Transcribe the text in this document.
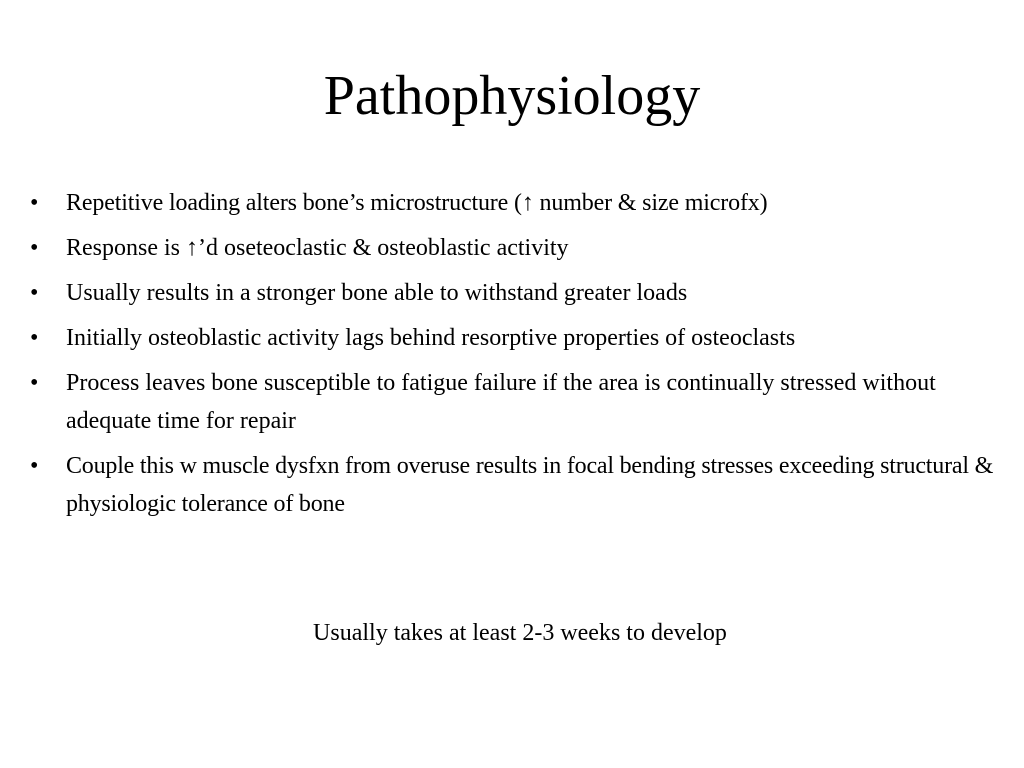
Pathophysiology
•	Repetitive loading alters bone’s microstructure (↑ number & size microfx)
•	Response is ↑’d oseteoclastic & osteoblastic activity
•	Usually results in a stronger bone able to withstand greater loads
•	Initially osteoblastic activity lags behind resorptive properties of osteoclasts
•	Process leaves bone susceptible to fatigue failure if the area is continually stressed without adequate time for repair
•	Couple this w muscle dysfxn from overuse results in focal bending stresses exceeding structural & physiologic tolerance of bone

Usually takes at least 2-3 weeks to develop
